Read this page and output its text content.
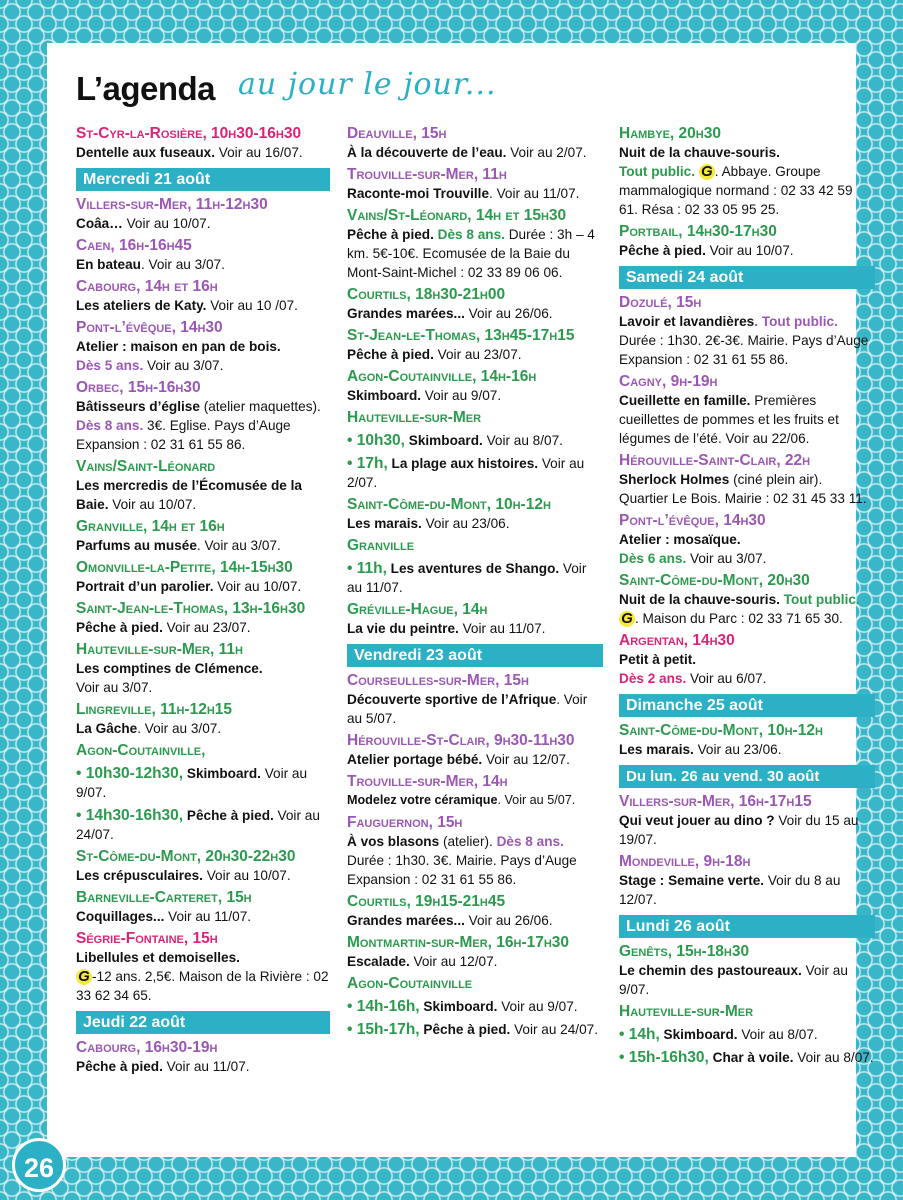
L’agenda au jour le jour...
St-Cyr-la-Rosière, 10h30-16h30
Dentelle aux fuseaux. Voir au 16/07.
Mercredi 21 août
Villers-sur-Mer, 11h-12h30
Coâa… Voir au 10/07.
Caen, 16h-16h45
En bateau. Voir au 3/07.
Cabourg, 14h et 16h
Les ateliers de Katy. Voir au 10 /07.
Pont-l’évêque, 14h30
Atelier : maison en pan de bois.
Dès 5 ans. Voir au 3/07.
Orbec, 15h-16h30
Bâtisseurs d’église (atelier maquettes). Dès 8 ans. 3€. Eglise. Pays d’Auge Expansion : 02 31 61 55 86.
Vains/Saint-Léonard
Les mercredis de l’Écomusée de la Baie. Voir au 10/07.
Granville, 14h et 16h
Parfums au musée. Voir au 3/07.
Omonville-la-Petite, 14h-15h30
Portrait d’un parolier. Voir au 10/07.
Saint-Jean-le-Thomas, 13h-16h30
Pêche à pied. Voir au 23/07.
Hauteville-sur-Mer, 11h
Les comptines de Clémence.
Voir au 3/07.
Lingreville, 11h-12h15
La Gâche. Voir au 3/07.
Agon-Coutainville,
• 10h30-12h30, Skimboard. Voir au 9/07.
• 14h30-16h30, Pêche à pied. Voir au 24/07.
St-Côme-du-Mont, 20h30-22h30
Les crépusculaires. Voir au 10/07.
Barneville-Carteret, 15h
Coquillages... Voir au 11/07.
Ségrie-Fontaine, 15h
Libellules et demoiselles.
G -12 ans. 2,5€. Maison de la Rivière : 02 33 62 34 65.
Jeudi 22 août
Cabourg, 16h30-19h
Pêche à pied. Voir au 11/07.
Deauville, 15h
À la découverte de l’eau. Voir au 2/07.
Trouville-sur-Mer, 11h
Raconte-moi Trouville. Voir au 11/07.
Vains/St-Léonard, 14h et 15h30
Pêche à pied. Dès 8 ans. Durée : 3h – 4 km. 5€-10€. Ecomusée de la Baie du Mont-Saint-Michel : 02 33 89 06 06.
Courtils, 18h30-21h00
Grandes marées... Voir au 26/06.
St-Jean-le-Thomas, 13h45-17h15
Pêche à pied. Voir au 23/07.
Agon-Coutainville, 14h-16h
Skimboard. Voir au 9/07.
Hauteville-sur-Mer
• 10h30, Skimboard. Voir au 8/07.
• 17h, La plage aux histoires. Voir au 2/07.
Saint-Côme-du-Mont, 10h-12h
Les marais. Voir au 23/06.
Granville
• 11h, Les aventures de Shango. Voir au 11/07.
Gréville-Hague, 14h
La vie du peintre. Voir au 11/07.
Vendredi 23 août
Courseulles-sur-Mer, 15h
Découverte sportive de l’Afrique. Voir au 5/07.
Hérouville-St-Clair, 9h30-11h30
Atelier portage bébé. Voir au 12/07.
Trouville-sur-Mer, 14h
Modelez votre céramique. Voir au 5/07.
Fauguernon, 15h
À vos blasons (atelier). Dès 8 ans. Durée : 1h30. 3€. Mairie. Pays d’Auge Expansion : 02 31 61 55 86.
Courtils, 19h15-21h45
Grandes marées... Voir au 26/06.
Montmartin-sur-Mer, 16h-17h30
Escalade. Voir au 12/07.
Agon-Coutainville
• 14h-16h, Skimboard. Voir au 9/07.
• 15h-17h, Pêche à pied. Voir au 24/07.
Hambye, 20h30
Nuit de la chauve-souris.
Tout public. G . Abbaye. Groupe mammalogique normand : 02 33 42 59 61. Résa : 02 33 05 95 25.
Portbail, 14h30-17h30
Pêche à pied. Voir au 10/07.
Samedi 24 août
Dozulé, 15h
Lavoir et lavandières. Tout public. Durée : 1h30. 2€-3€. Mairie. Pays d’Auge Expansion : 02 31 61 55 86.
Cagny, 9h-19h
Cueillette en famille. Premières cueillettes de pommes et les fruits et légumes de l’été. Voir au 22/06.
Hérouville-Saint-Clair, 22h
Sherlock Holmes (ciné plein air). Quartier Le Bois. Mairie : 02 31 45 33 11.
Pont-l’évêque, 14h30
Atelier : mosaïque.
Dès 6 ans. Voir au 3/07.
Saint-Côme-du-Mont, 20h30
Nuit de la chauve-souris. Tout public.
G . Maison du Parc : 02 33 71 65 30.
Argentan, 14h30
Petit à petit.
Dès 2 ans. Voir au 6/07.
Dimanche 25 août
Saint-Côme-du-Mont, 10h-12h
Les marais. Voir au 23/06.
Du lun. 26 au vend. 30 août
Villers-sur-Mer, 16h-17h15
Qui veut jouer au dino ? Voir du 15 au 19/07.
Mondeville, 9h-18h
Stage : Semaine verte. Voir du 8 au 12/07.
Lundi 26 août
Genêts, 15h-18h30
Le chemin des pastoureaux. Voir au 9/07.
Hauteville-sur-Mer
• 14h, Skimboard. Voir au 8/07.
• 15h-16h30, Char à voile. Voir au 8/07.
26
